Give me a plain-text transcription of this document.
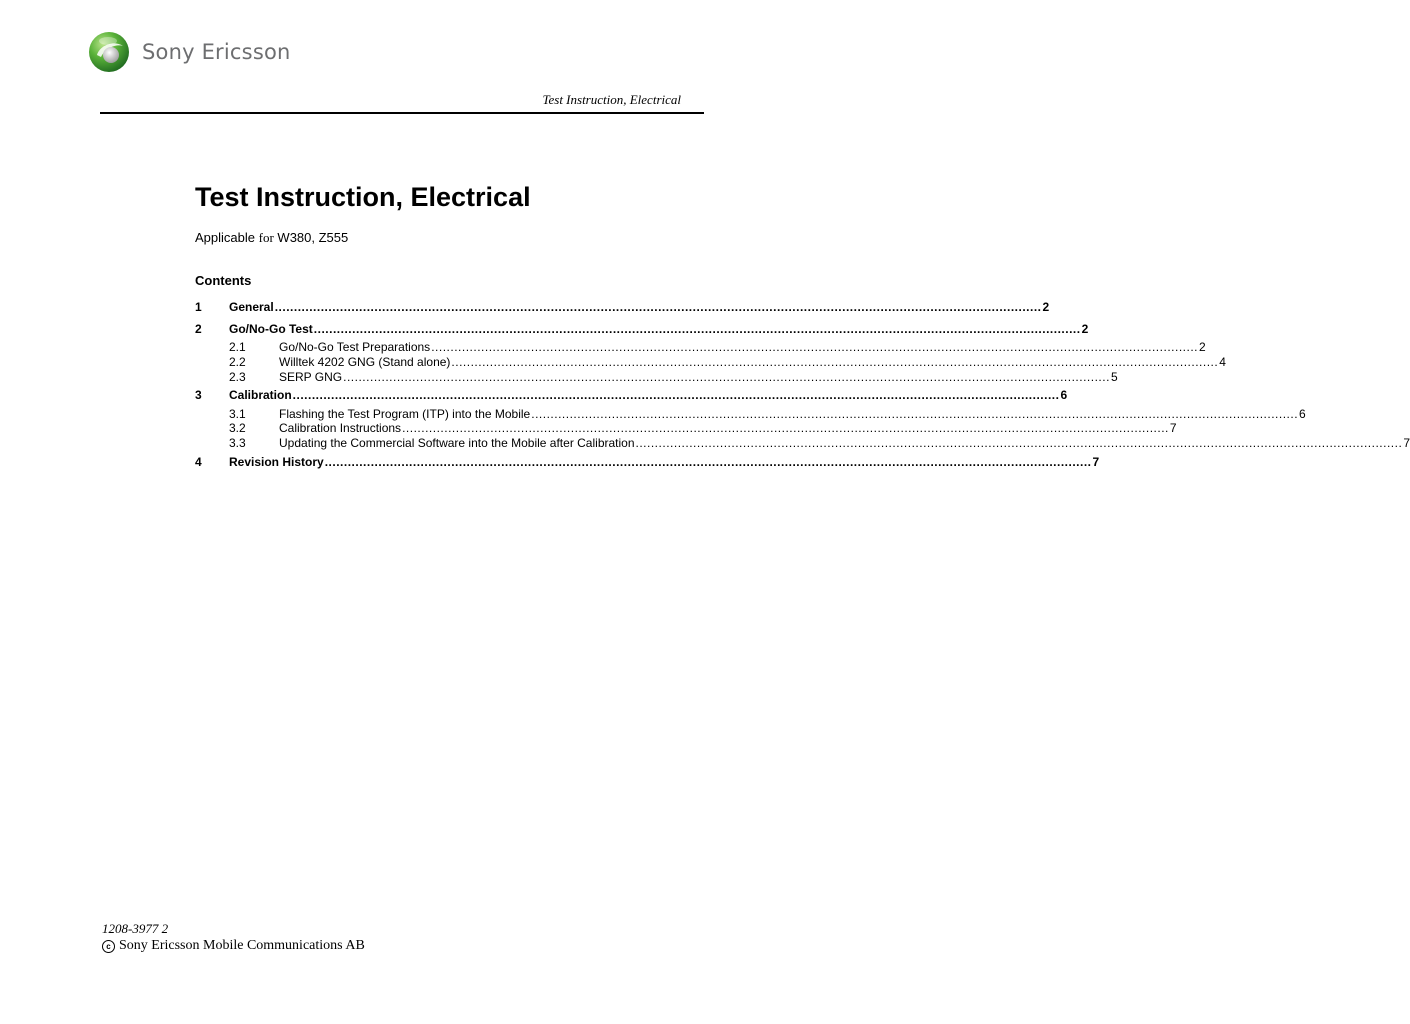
Sony Ericsson
Test Instruction, Electrical
Test Instruction, Electrical
Applicable for W380, Z555
Contents
1	General ........................................................................................................................................................................................................ 2
2	Go/No-Go Test ........................................................................................................................................................................................................ 2
2.1	Go/No-Go Test Preparations ........................................................................................................................................................................................................ 2
2.2	Willtek 4202 GNG (Stand alone) ........................................................................................................................................................................................................ 4
2.3	SERP GNG ........................................................................................................................................................................................................ 5
3	Calibration ........................................................................................................................................................................................................ 6
3.1	Flashing the Test Program (ITP) into the Mobile ........................................................................................................................................................................................................ 6
3.2	Calibration Instructions ........................................................................................................................................................................................................ 7
3.3	Updating the Commercial Software into the Mobile after Calibration ........................................................................................................................................................................................................ 7
4	Revision History ........................................................................................................................................................................................................ 7
1208-3977 2
c Sony Ericsson Mobile Communications AB
